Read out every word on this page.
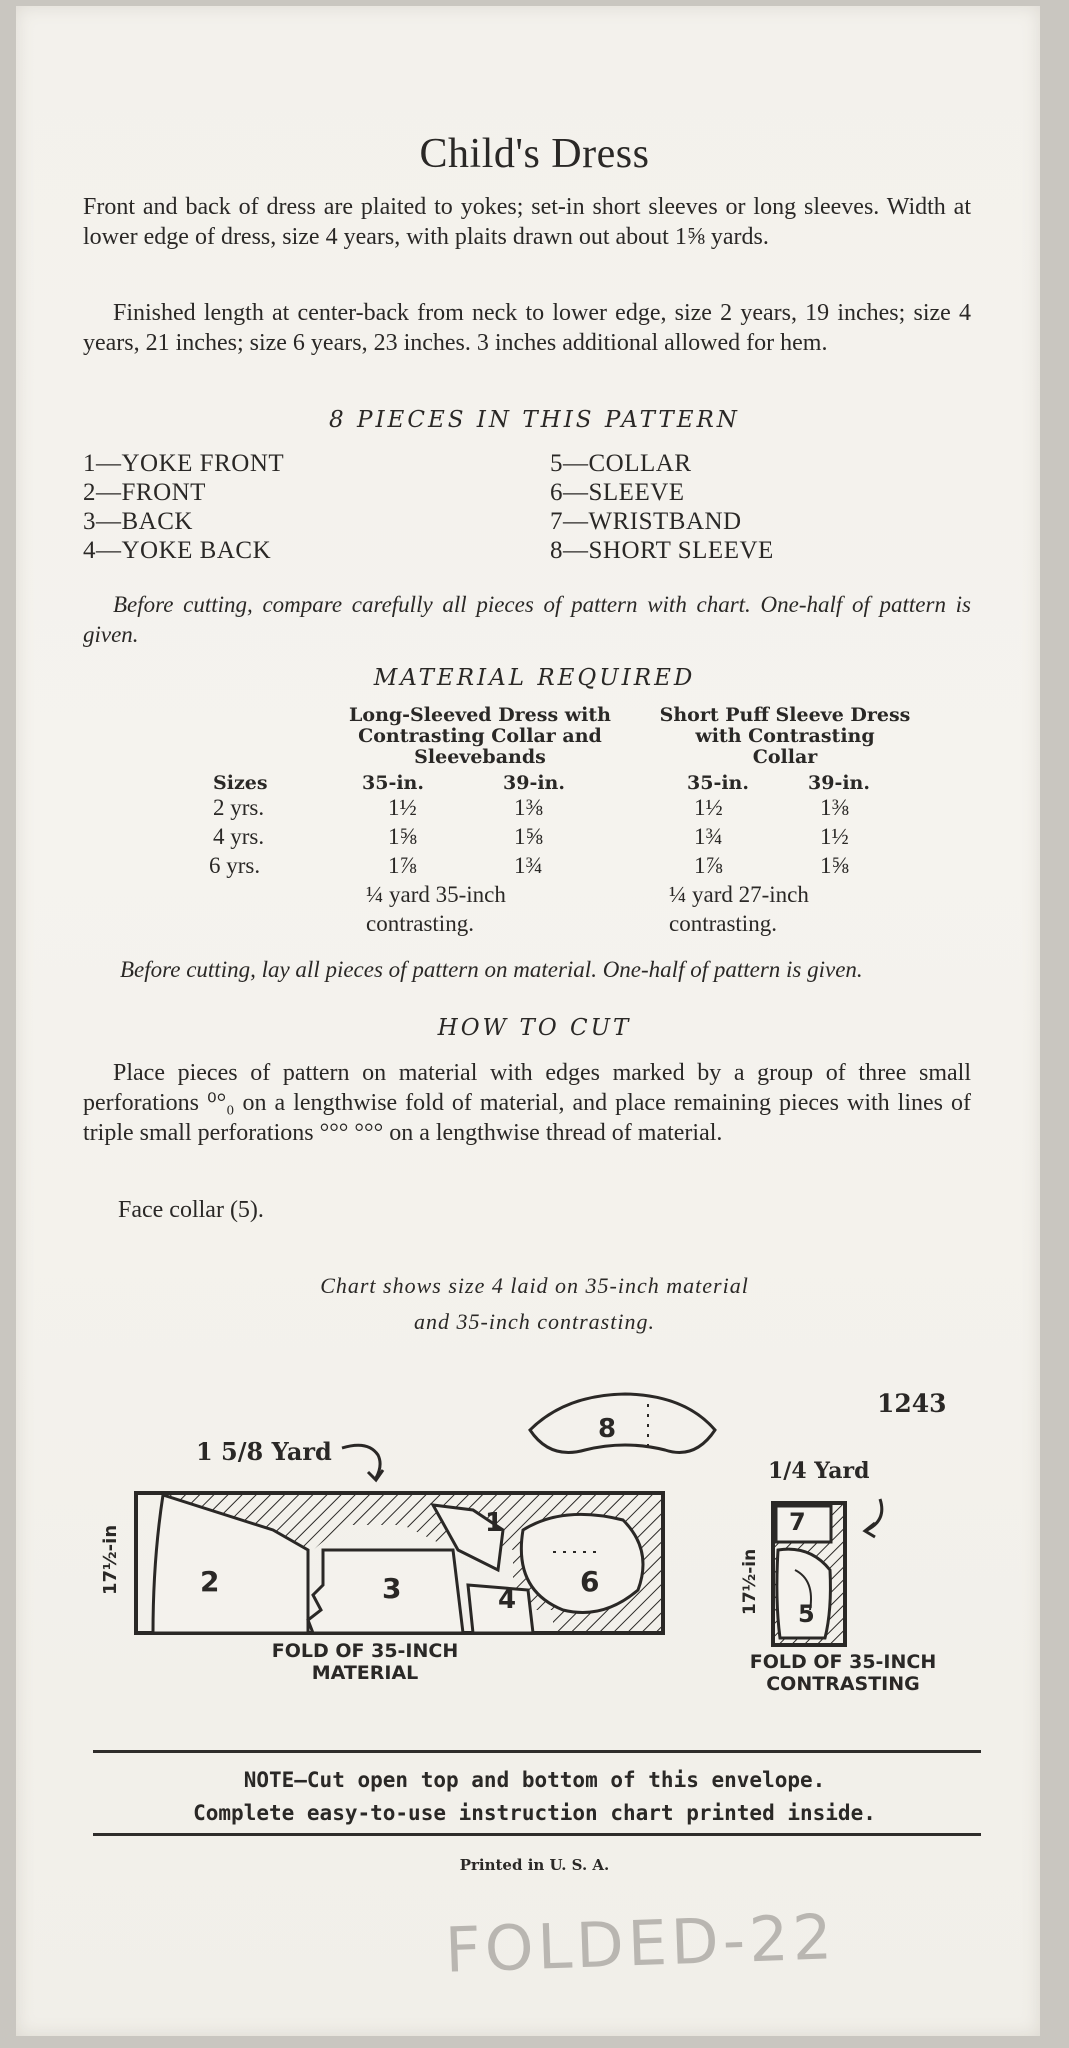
Child's Dress
Front and back of dress are plaited to yokes; set-in short sleeves or long sleeves. Width at lower edge of dress, size 4 years, with plaits drawn out about 1⅝ yards.
Finished length at center-back from neck to lower edge, size 2 years, 19 inches; size 4 years, 21 inches; size 6 years, 23 inches. 3 inches additional allowed for hem.
8 PIECES IN THIS PATTERN
1—YOKE FRONT
2—FRONT
3—BACK
4—YOKE BACK
5—COLLAR
6—SLEEVE
7—WRISTBAND
8—SHORT SLEEVE
Before cutting, compare carefully all pieces of pattern with chart. One-half of pattern is given.
MATERIAL REQUIRED
Long-Sleeved Dress with
Contrasting Collar and
Sleevebands
Short Puff Sleeve Dress
with Contrasting
Collar
Sizes	35-in.	39-in.	35-in.	39-in.
2 yrs.	1½	1⅜	1½	1⅜
4 yrs.	1⅝	1⅝	1¾	1½
6 yrs.	1⅞	1¾	1⅞	1⅝
¼ yard 35-inch
contrasting.
¼ yard 27-inch
contrasting.
Before cutting, lay all pieces of pattern on material. One-half of pattern is given.
HOW TO CUT
Place pieces of pattern on material with edges marked by a group of three small perforations ⁰°₀ on a lengthwise fold of material, and place remaining pieces with lines of triple small perforations °°° °°° on a lengthwise thread of material.
Face collar (5).
Chart shows size 4 laid on 35-inch material
and 35-inch contrasting.
1243
8
1 5/8 Yard
2	3
1
4
6
17½-in
FOLD OF 35-INCH
MATERIAL
1/4 Yard
7
5
17½-in
FOLD OF 35-INCH
CONTRASTING
NOTE—Cut open top and bottom of this envelope.
Complete easy-to-use instruction chart printed inside.
Printed in U. S. A.
FOLDED-22
